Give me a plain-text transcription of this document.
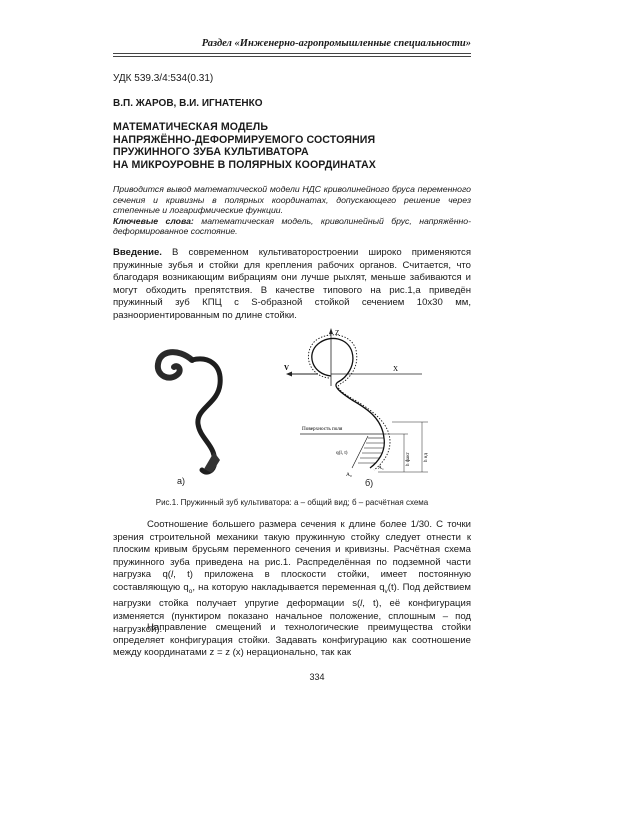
Раздел «Инженерно-агропромышленные специальности»
УДК 539.3/4:534(0.31)
В.П. ЖАРОВ, В.И. ИГНАТЕНКО
МАТЕМАТИЧЕСКАЯ МОДЕЛЬ
НАПРЯЖЁННО-ДЕФОРМИРУЕМОГО СОСТОЯНИЯ
ПРУЖИННОГО ЗУБА КУЛЬТИВАТОРА
НА МИКРОУРОВНЕ В ПОЛЯРНЫХ КООРДИНАТАХ
Приводится вывод математической модели НДС криволинейного бруса переменного сечения и кривизны в полярных координатах, допускающего решение через степенные и логарифмические функции.
Ключевые слова: математическая модель, криволинейный брус, напряжённо-деформированное состояние.
Введение. В современном культиваторостроении широко применяются пружинные зубья и стойки для крепления рабочих органов. Считается, что благодаря возникающим вибрациям они лучше рыхлят, меньше забиваются и могут обходить препятствия. В качестве типового на рис.1,а приведён пружинный зуб КПЦ с S-образной стойкой сечением 10х30 мм, разноориентированным по длине стойки.
а)
Z
X
V
Поверхность поля
q(l, t)	h факт	h нд
A₀
A₁
б)
Рис.1. Пружинный зуб культиватора: а – общий вид; б – расчётная схема
Соотношение большего размера сечения к длине более 1/30. С точки зрения строительной механики такую пружинную стойку следует отнести к плоским кривым брусьям переменного сечения и кривизны. Расчётная схема пружинного зуба приведена на рис.1. Распределённая по подземной части нагрузка q(l, t) приложена в плоскости стойки, имеет постоянную составляющую $q_о$, на которую накладывается переменная $q_v(t)$. Под действием нагрузки стойка получает упругие деформации s(l, t), её конфигурация изменяется (пунктиром показано начальное положение, сплошным – под нагрузкой).
Направление смещений и технологические преимущества стойки определяет конфигурация стойки. Задавать конфигурацию как соотношение между координатами z = z (x) нерационально, так как
334
